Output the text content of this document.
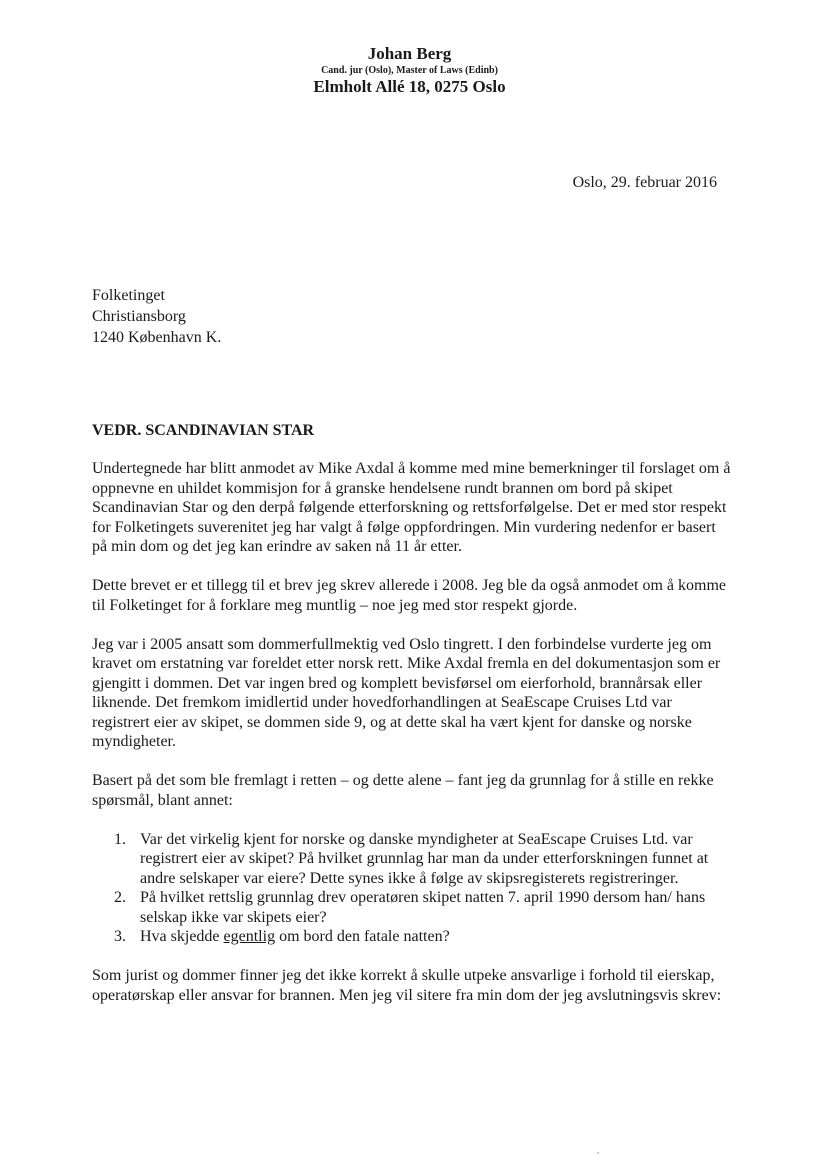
Johan Berg
Cand. jur (Oslo), Master of Laws (Edinb)
Elmholt Allé 18, 0275 Oslo
Oslo, 29. februar 2016
Folketinget
Christiansborg
1240 København K.
VEDR. SCANDINAVIAN STAR

Undertegnede har blitt anmodet av Mike Axdal å komme med mine bemerkninger til forslaget om å oppnevne en uhildet kommisjon for å granske hendelsene rundt brannen om bord på skipet Scandinavian Star og den derpå følgende etterforskning og rettsforfølgelse. Det er med stor respekt for Folketingets suverenitet jeg har valgt å følge oppfordringen. Min vurdering nedenfor er basert på min dom og det jeg kan erindre av saken nå 11 år etter.

Dette brevet er et tillegg til et brev jeg skrev allerede i 2008. Jeg ble da også anmodet om å komme til Folketinget for å forklare meg muntlig – noe jeg med stor respekt gjorde.

Jeg var i 2005 ansatt som dommerfullmektig ved Oslo tingrett. I den forbindelse vurderte jeg om kravet om erstatning var foreldet etter norsk rett. Mike Axdal fremla en del dokumentasjon som er gjengitt i dommen. Det var ingen bred og komplett bevisførsel om eierforhold, brannårsak eller liknende. Det fremkom imidlertid under hovedforhandlingen at SeaEscape Cruises Ltd var registrert eier av skipet, se dommen side 9, og at dette skal ha vært kjent for danske og norske myndigheter.

Basert på det som ble fremlagt i retten – og dette alene – fant jeg da grunnlag for å stille en rekke spørsmål, blant annet:

1. Var det virkelig kjent for norske og danske myndigheter at SeaEscape Cruises Ltd. var registrert eier av skipet? På hvilket grunnlag har man da under etterforskningen funnet at andre selskaper var eiere? Dette synes ikke å følge av skipsregisterets registreringer.
2. På hvilket rettslig grunnlag drev operatøren skipet natten 7. april 1990 dersom han/ hans selskap ikke var skipets eier?
3. Hva skjedde egentlig om bord den fatale natten?

Som jurist og dommer finner jeg det ikke korrekt å skulle utpeke ansvarlige i forhold til eierskap, operatørskap eller ansvar for brannen. Men jeg vil sitere fra min dom der jeg avslutningsvis skrev:
